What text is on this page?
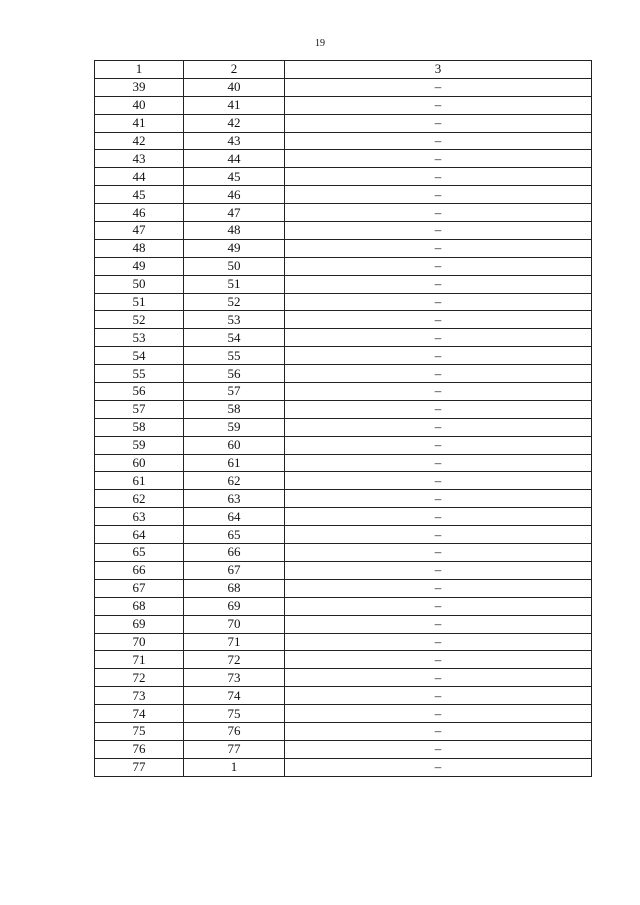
19
1	2	3
39	40	–
40	41	–
41	42	–
42	43	–
43	44	–
44	45	–
45	46	–
46	47	–
47	48	–
48	49	–
49	50	–
50	51	–
51	52	–
52	53	–
53	54	–
54	55	–
55	56	–
56	57	–
57	58	–
58	59	–
59	60	–
60	61	–
61	62	–
62	63	–
63	64	–
64	65	–
65	66	–
66	67	–
67	68	–
68	69	–
69	70	–
70	71	–
71	72	–
72	73	–
73	74	–
74	75	–
75	76	–
76	77	–
77	1	–
